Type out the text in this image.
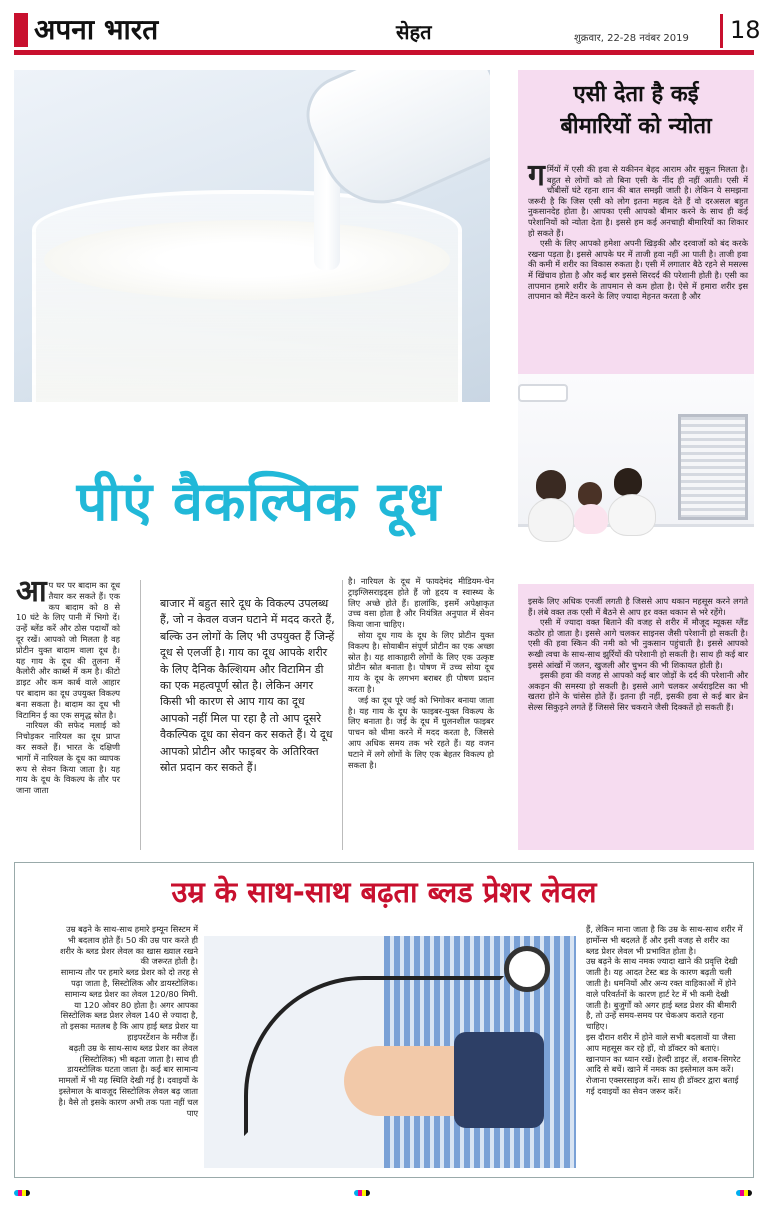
अपना भारत	सेहत	शुक्रवार, 22-28 नवंबर 2019 18
एसी देता है कई
बीमारियों को न्योता

गर्मियों में एसी की हवा से यकीनन बेहद आराम और सुकून मिलता है। बहुत से लोगों को तो बिना एसी के नींद ही नहीं आती। एसी में चौबीसों घंटे रहना शान की बात समझी जाती है। लेकिन ये समझना जरूरी है कि जिस एसी को लोग इतना महत्व देते हैं वो दरअसल बहुत नुकसानदेह होता है। आपका एसी आपको बीमार करने के साथ ही कई परेशानियों को न्योता देता है। इससे हम कई अनचाही बीमारियों का शिकार हो सकते हैं।

एसी के लिए आपको हमेशा अपनी खिड़की और दरवाजों को बंद करके रखना पड़ता है। इससे आपके घर में ताजी हवा नहीं आ पाती है। ताजी हवा की कमी में शरीर का विकास रुकता है। एसी में लगातार बैठे रहने से मसल्स में खिंचाव होता है और कई बार इससे सिरदर्द की परेशानी होती है। एसी का तापमान हमारे शरीर के तापमान से कम होता है। ऐसे में हमारा शरीर इस तापमान को मैंटेन करने के लिए ज्यादा मेहनत करता है और

इसके लिए अधिक एनर्जी लगती है जिससे आप थकान महसूस करने लगते हैं। लंबे वक्त तक एसी में बैठने से आप हर वक्त थकान से भरे रहेंगे।

एसी में ज्यादा वक्त बिताने की वजह से शरीर में मौजूद म्यूकस ग्लैंड कठोर हो जाता है। इससे आगे चलकर साइनस जैसी परेशानी हो सकती है। एसी की हवा स्किन की नमी को भी नुकसान पहुंचाती है। इससे आपको रूखी त्वचा के साथ-साथ झुर्रियों की परेशानी हो सकती है। साथ ही कई बार इससे आंखों में जलन, खुजली और चुभन की भी शिकायत होती है।

इसकी हवा की वजह से आपको कई बार जोड़ों के दर्द की परेशानी और अकड़न की समस्या हो सकती है। इससे आगे चलकर अर्थराइटिस का भी खतरा होने के चांसेस होते हैं। इतना ही नहीं, इसकी हवा से कई बार ब्रेन सेल्स सिकुड़ने लगते हैं जिससे सिर चकराने जैसी दिक्कतें हो सकती हैं।

पीएं वैकल्पिक दूध

आप घर पर बादाम का दूध तैयार कर सकते हैं। एक कप बादाम को 8 से 10 घंटे के लिए पानी में भिगो दें। उन्हें ब्लेंड करें और ठोस पदार्थों को दूर रखें। आपको जो मिलता है वह प्रोटीन युक्त बादाम वाला दूध है। यह गाय के दूध की तुलना में कैलोरी और कार्ब्स में कम है। कीटो डाइट और कम कार्ब वाले आहार पर बादाम का दूध उपयुक्त विकल्प बना सकता है। बादाम का दूध भी विटामिन ई का एक समृद्ध स्रोत है।

नारियल की सफेद मलाई को निचोड़कर नारियल का दूध प्राप्त कर सकते हैं। भारत के दक्षिणी भागों में नारियल के दूध का व्यापक रूप से सेवन किया जाता है। यह गाय के दूध के विकल्प के तौर पर जाना जाता

बाजार में बहुत सारे दूध के विकल्प उपलब्ध हैं, जो न केवल वजन घटाने में मदद करते हैं, बल्कि उन लोगों के लिए भी उपयुक्त हैं जिन्हें दूध से एलर्जी है। गाय का दूध आपके शरीर के लिए दैनिक कैल्शियम और विटामिन डी का एक महत्वपूर्ण स्रोत है। लेकिन अगर किसी भी कारण से आप गाय का दूध आपको नहीं मिल पा रहा है तो आप दूसरे वैकल्पिक दूध का सेवन कर सकते हैं। ये दूध आपको प्रोटीन और फाइबर के अतिरिक्त स्रोत प्रदान कर सकते हैं।

है। नारियल के दूध में फायदेमंद मीडियम-चेन ट्राइग्लिसराइड्स होते हैं जो हृदय व स्वास्थ्य के लिए अच्छे होते हैं। हालांकि, इसमें अपेक्षाकृत उच्च वसा होता है और नियंत्रित अनुपात में सेवन किया जाना चाहिए।

सोया दूध गाय के दूध के लिए प्रोटीन युक्त विकल्प है। सोयाबीन संपूर्ण प्रोटीन का एक अच्छा स्रोत है। यह शाकाहारी लोगों के लिए एक उत्कृष्ट प्रोटीन स्रोत बनाता है। पोषण में उच्च सोया दूध गाय के दूध के लगभग बराबर ही पोषण प्रदान करता है।

जई का दूध पूरे जई को भिगोकर बनाया जाता है। यह गाय के दूध के फाइबर-युक्त विकल्प के लिए बनाता है। जई के दूध में घुलनशील फाइबर पाचन को धीमा करने में मदद करता है, जिससे आप अधिक समय तक भरे रहते हैं। यह वजन घटाने में लगे लोगों के लिए एक बेहतर विकल्प हो सकता है।

उम्र के साथ-साथ बढ़ता ब्लड प्रेशर लेवल

उम्र बढ़ने के साथ-साथ हमारे इम्यून सिस्टम में भी बदलाव होते हैं। 50 की उम्र पार करते ही शरीर के ब्लड प्रेशर लेवल का खास ख्याल रखने की जरूरत होती है।

सामान्य तौर पर हमारे ब्लड प्रेशर को दो तरह से पढ़ा जाता है, सिस्टोलिक और डायस्टोलिक। सामान्य ब्लड प्रेशर का लेवल 120/80 मिमी. या 120 ओवर 80 होता है। अगर आपका सिस्टोलिक ब्लड प्रेशर लेवल 140 से ज्यादा है, तो इसका मतलब है कि आप हाई ब्लड प्रेशर या हाइपरटेंशन के मरीज हैं।

बढ़ती उम्र के साथ-साथ ब्लड प्रेशर का लेवल (सिस्टोलिक) भी बढ़ता जाता है। साथ ही डायस्टोलिक घटता जाता है। कई बार सामान्य मामलों में भी यह स्थिति देखी गई है। दवाइयों के इस्तेमाल के बावजूद सिस्टोलिक लेवल बढ़ जाता है। वैसे तो इसके कारण अभी तक पता नहीं चल पाए

हैं, लेकिन माना जाता है कि उम्र के साथ-साथ शरीर में हार्मोन्स भी बदलते हैं और इसी वजह से शरीर का ब्लड प्रेशर लेवल भी प्रभावित होता है।

उम्र बढ़ने के साथ नमक ज्यादा खाने की प्रवृत्ति देखी जाती है। यह आदत टेस्ट बड के कारण बढ़ती चली जाती है। धमनियों और अन्य रक्त वाहिकाओं में होने वाले परिवर्तनों के कारण हार्ट रेट में भी कमी देखी जाती है। बुजुर्गों को अगर हाई ब्लड प्रेशर की बीमारी है, तो उन्हें समय-समय पर चेकअप कराते रहना चाहिए।

इस दौरान शरीर में होने वाले सभी बदलावों या जैसा आप महसूस कर रहे हों, वो डॉक्टर को बताएं। खानपान का ध्यान रखें। हेल्दी डाइट लें, शराब-सिगरेट आदि से बचें। खाने में नमक का इस्तेमाल कम करें। रोजाना एक्सरसाइज करें। साथ ही डॉक्टर द्वारा बताई गई दवाइयों का सेवन जरूर करें।
